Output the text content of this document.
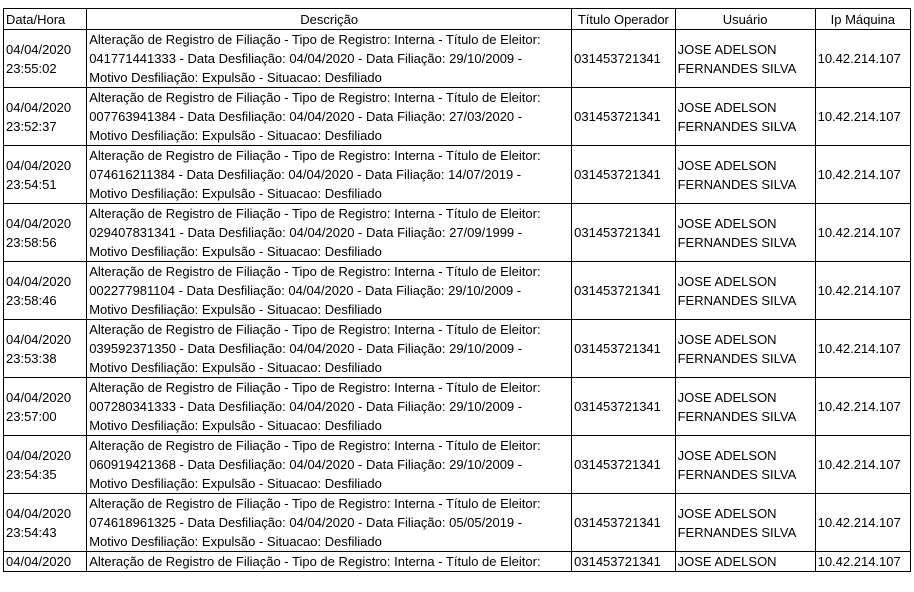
Data/Hora	Descrição	Título Operador	Usuário	Ip Máquina

04/04/2020
23:55:02	Alteração de Registro de Filiação - Tipo de Registro: Interna - Título de Eleitor:
041771441333 - Data Desfiliação: 04/04/2020 - Data Filiação: 29/10/2009 -
Motivo Desfiliação: Expulsão - Situacao: Desfiliado	031453721341	JOSE ADELSON
FERNANDES SILVA	10.42.214.107

04/04/2020
23:52:37	Alteração de Registro de Filiação - Tipo de Registro: Interna - Título de Eleitor:
007763941384 - Data Desfiliação: 04/04/2020 - Data Filiação: 27/03/2020 -
Motivo Desfiliação: Expulsão - Situacao: Desfiliado	031453721341	JOSE ADELSON
FERNANDES SILVA	10.42.214.107

04/04/2020
23:54:51	Alteração de Registro de Filiação - Tipo de Registro: Interna - Título de Eleitor:
074616211384 - Data Desfiliação: 04/04/2020 - Data Filiação: 14/07/2019 -
Motivo Desfiliação: Expulsão - Situacao: Desfiliado	031453721341	JOSE ADELSON
FERNANDES SILVA	10.42.214.107

04/04/2020
23:58:56	Alteração de Registro de Filiação - Tipo de Registro: Interna - Título de Eleitor:
029407831341 - Data Desfiliação: 04/04/2020 - Data Filiação: 27/09/1999 -
Motivo Desfiliação: Expulsão - Situacao: Desfiliado	031453721341	JOSE ADELSON
FERNANDES SILVA	10.42.214.107

04/04/2020
23:58:46	Alteração de Registro de Filiação - Tipo de Registro: Interna - Título de Eleitor:
002277981104 - Data Desfiliação: 04/04/2020 - Data Filiação: 29/10/2009 -
Motivo Desfiliação: Expulsão - Situacao: Desfiliado	031453721341	JOSE ADELSON
FERNANDES SILVA	10.42.214.107

04/04/2020
23:53:38	Alteração de Registro de Filiação - Tipo de Registro: Interna - Título de Eleitor:
039592371350 - Data Desfiliação: 04/04/2020 - Data Filiação: 29/10/2009 -
Motivo Desfiliação: Expulsão - Situacao: Desfiliado	031453721341	JOSE ADELSON
FERNANDES SILVA	10.42.214.107

04/04/2020
23:57:00	Alteração de Registro de Filiação - Tipo de Registro: Interna - Título de Eleitor:
007280341333 - Data Desfiliação: 04/04/2020 - Data Filiação: 29/10/2009 -
Motivo Desfiliação: Expulsão - Situacao: Desfiliado	031453721341	JOSE ADELSON
FERNANDES SILVA	10.42.214.107

04/04/2020
23:54:35	Alteração de Registro de Filiação - Tipo de Registro: Interna - Título de Eleitor:
060919421368 - Data Desfiliação: 04/04/2020 - Data Filiação: 29/10/2009 -
Motivo Desfiliação: Expulsão - Situacao: Desfiliado	031453721341	JOSE ADELSON
FERNANDES SILVA	10.42.214.107

04/04/2020
23:54:43	Alteração de Registro de Filiação - Tipo de Registro: Interna - Título de Eleitor:
074618961325 - Data Desfiliação: 04/04/2020 - Data Filiação: 05/05/2019 -
Motivo Desfiliação: Expulsão - Situacao: Desfiliado	031453721341	JOSE ADELSON
FERNANDES SILVA	10.42.214.107

04/04/2020	Alteração de Registro de Filiação - Tipo de Registro: Interna - Título de Eleitor:	031453721341	JOSE ADELSON	10.42.214.107
